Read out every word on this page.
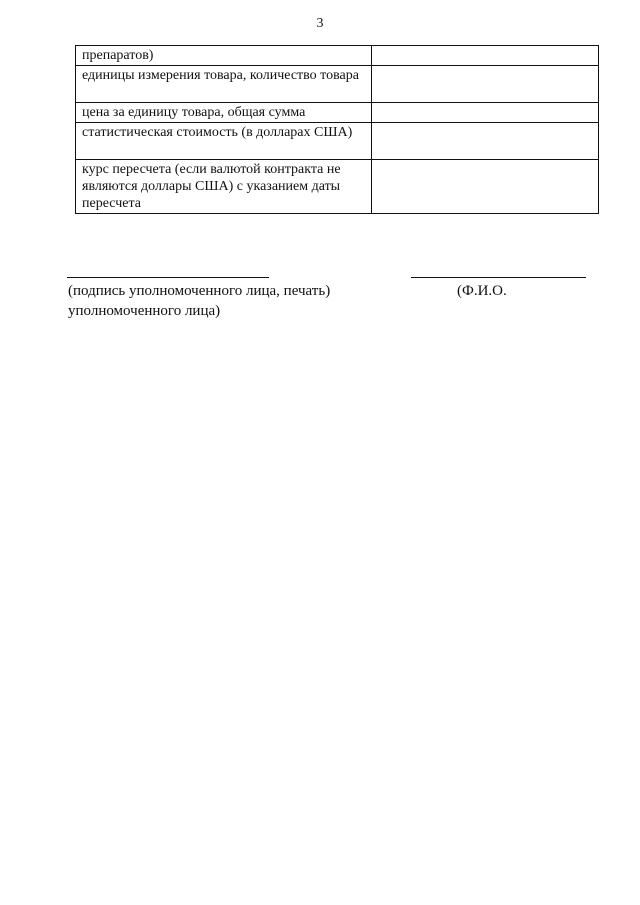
3
препаратов)	
единицы измерения товара, количество товара	
цена за единицу товара, общая сумма	
статистическая стоимость (в долларах США)	
курс пересчета (если валютой контракта не являются доллары США) с указанием даты пересчета	
(подпись уполномоченного лица, печать)
уполномоченного лица)
(Ф.И.О.
